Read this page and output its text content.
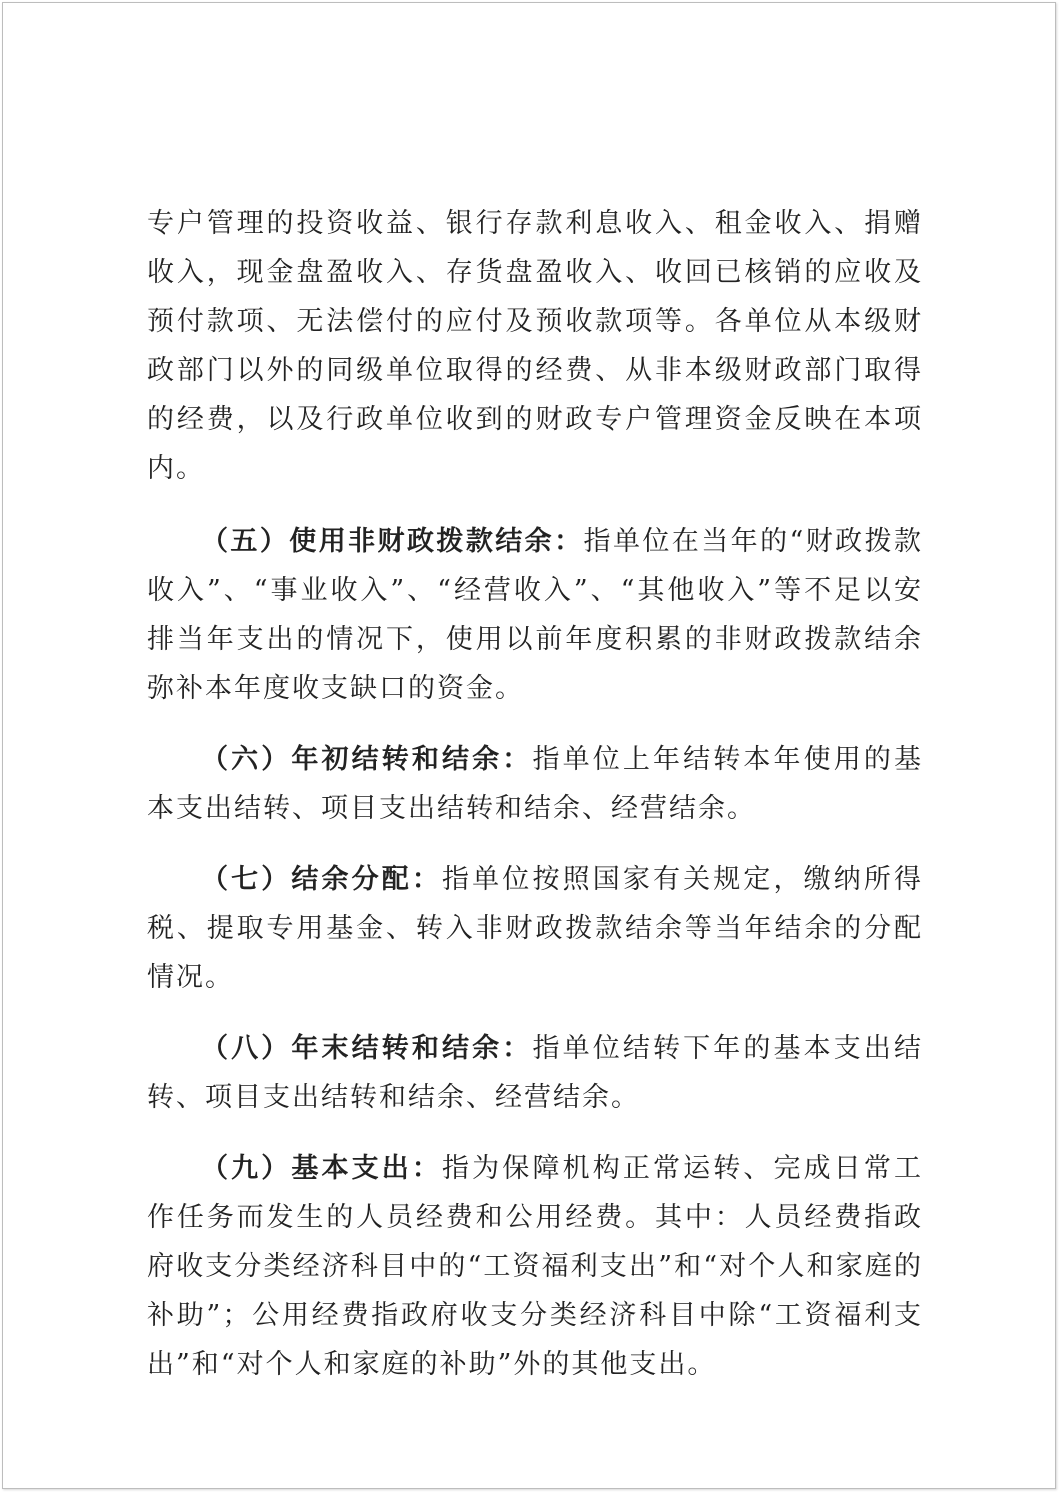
专户管理的投资收益、银行存款利息收入、租金收入、捐赠收入，现金盘盈收入、存货盘盈收入、收回已核销的应收及预付款项、无法偿付的应付及预收款项等。各单位从本级财政部门以外的同级单位取得的经费、从非本级财政部门取得的经费，以及行政单位收到的财政专户管理资金反映在本项内。

（五）使用非财政拨款结余：指单位在当年的“财政拨款收入”、“事业收入”、“经营收入”、“其他收入”等不足以安排当年支出的情况下，使用以前年度积累的非财政拨款结余弥补本年度收支缺口的资金。

（六）年初结转和结余：指单位上年结转本年使用的基本支出结转、项目支出结转和结余、经营结余。

（七）结余分配：指单位按照国家有关规定，缴纳所得税、提取专用基金、转入非财政拨款结余等当年结余的分配情况。

（八）年末结转和结余：指单位结转下年的基本支出结转、项目支出结转和结余、经营结余。

（九）基本支出：指为保障机构正常运转、完成日常工作任务而发生的人员经费和公用经费。其中：人员经费指政府收支分类经济科目中的“工资福利支出”和“对个人和家庭的补助”；公用经费指政府收支分类经济科目中除“工资福利支出”和“对个人和家庭的补助”外的其他支出。
